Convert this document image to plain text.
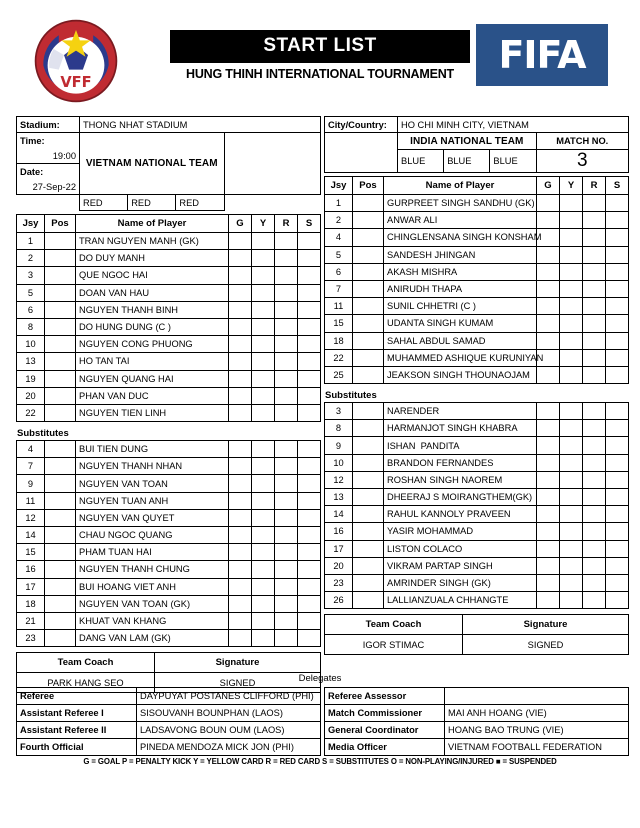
VFF
START LIST
HUNG THINH INTERNATIONAL TOURNAMENT	FIFA
Stadium:	THONG NHAT STADIUM				
Time:	VIETNAM NATIONAL TEAM				
19:00					
Date:					
27-Sep-22					
	RED	RED	RED		
Jsy	Pos	Name of Player	G	Y	R	S
1		TRAN NGUYEN MANH (GK)				
2		DO DUY MANH				
3		QUE NGOC HAI				
5		DOAN VAN HAU				
6		NGUYEN THANH BINH				
8		DO HUNG DUNG (C )				
10		NGUYEN CONG PHUONG				
13		HO TAN TAI				
19		NGUYEN QUANG HAI				
20		PHAN VAN DUC				
22		NGUYEN TIEN LINH				
Substitutes
4		BUI TIEN DUNG				
7		NGUYEN THANH NHAN				
9		NGUYEN VAN TOAN				
11		NGUYEN TUAN ANH				
12		NGUYEN VAN QUYET				
14		CHAU NGOC QUANG				
15		PHAM TUAN HAI				
16		NGUYEN THANH CHUNG				
17		BUI HOANG VIET ANH				
18		NGUYEN VAN TOAN (GK)				
21		KHUAT VAN KHANG				
23		DANG VAN LAM (GK)				
Team Coach	Signature
PARK HANG SEO	SIGNED
City/Country:	HO CHI MINH CITY, VIETNAM			
	INDIA NATIONAL TEAM			MATCH NO.
				3

	BLUE	BLUE	BLUE	
Jsy	Pos	Name of Player	G	Y	R	S
1		GURPREET SINGH SANDHU (GK)				
2		ANWAR ALI				
4		CHINGLENSANA SINGH KONSHAM				
5		SANDESH JHINGAN				
6		AKASH MISHRA				
7		ANIRUDH THAPA				
11		SUNIL CHHETRI (C )				
15		UDANTA SINGH KUMAM				
18		SAHAL ABDUL SAMAD				
22		MUHAMMED ASHIQUE KURUNIYAN				
25		JEAKSON SINGH THOUNAOJAM				
Substitutes
3		NARENDER				
8		HARMANJOT SINGH KHABRA				
9		ISHAN  PANDITA				
10		BRANDON FERNANDES				
12		ROSHAN SINGH NAOREM				
13		DHEERAJ S MOIRANGTHEM(GK)				
14		RAHUL KANNOLY PRAVEEN				
16		YASIR MOHAMMAD				
17		LISTON COLACO				
20		VIKRAM PARTAP SINGH				
23		AMRINDER SINGH (GK)				
26		LALLIANZUALA CHHANGTE				
Team Coach	Signature
IGOR STIMAC	SIGNED
Delegates
Referee	DAYPUYAT POSTANES CLIFFORD (PHI)
Assistant Referee I	SISOUVANH BOUNPHAN (LAOS)
Assistant Referee II	LADSAVONG BOUN OUM (LAOS)
Fourth Official	PINEDA MENDOZA MICK JON (PHI)
Referee Assessor	
Match Commissioner	MAI ANH HOANG (VIE)
General Coordinator	HOANG BAO TRUNG (VIE)
Media Officer	VIETNAM FOOTBALL FEDERATION
G = GOAL P = PENALTY KICK Y = YELLOW CARD R = RED CARD S = SUBSTITUTES O = NON-PLAYING/INJURED ■ = SUSPENDED
